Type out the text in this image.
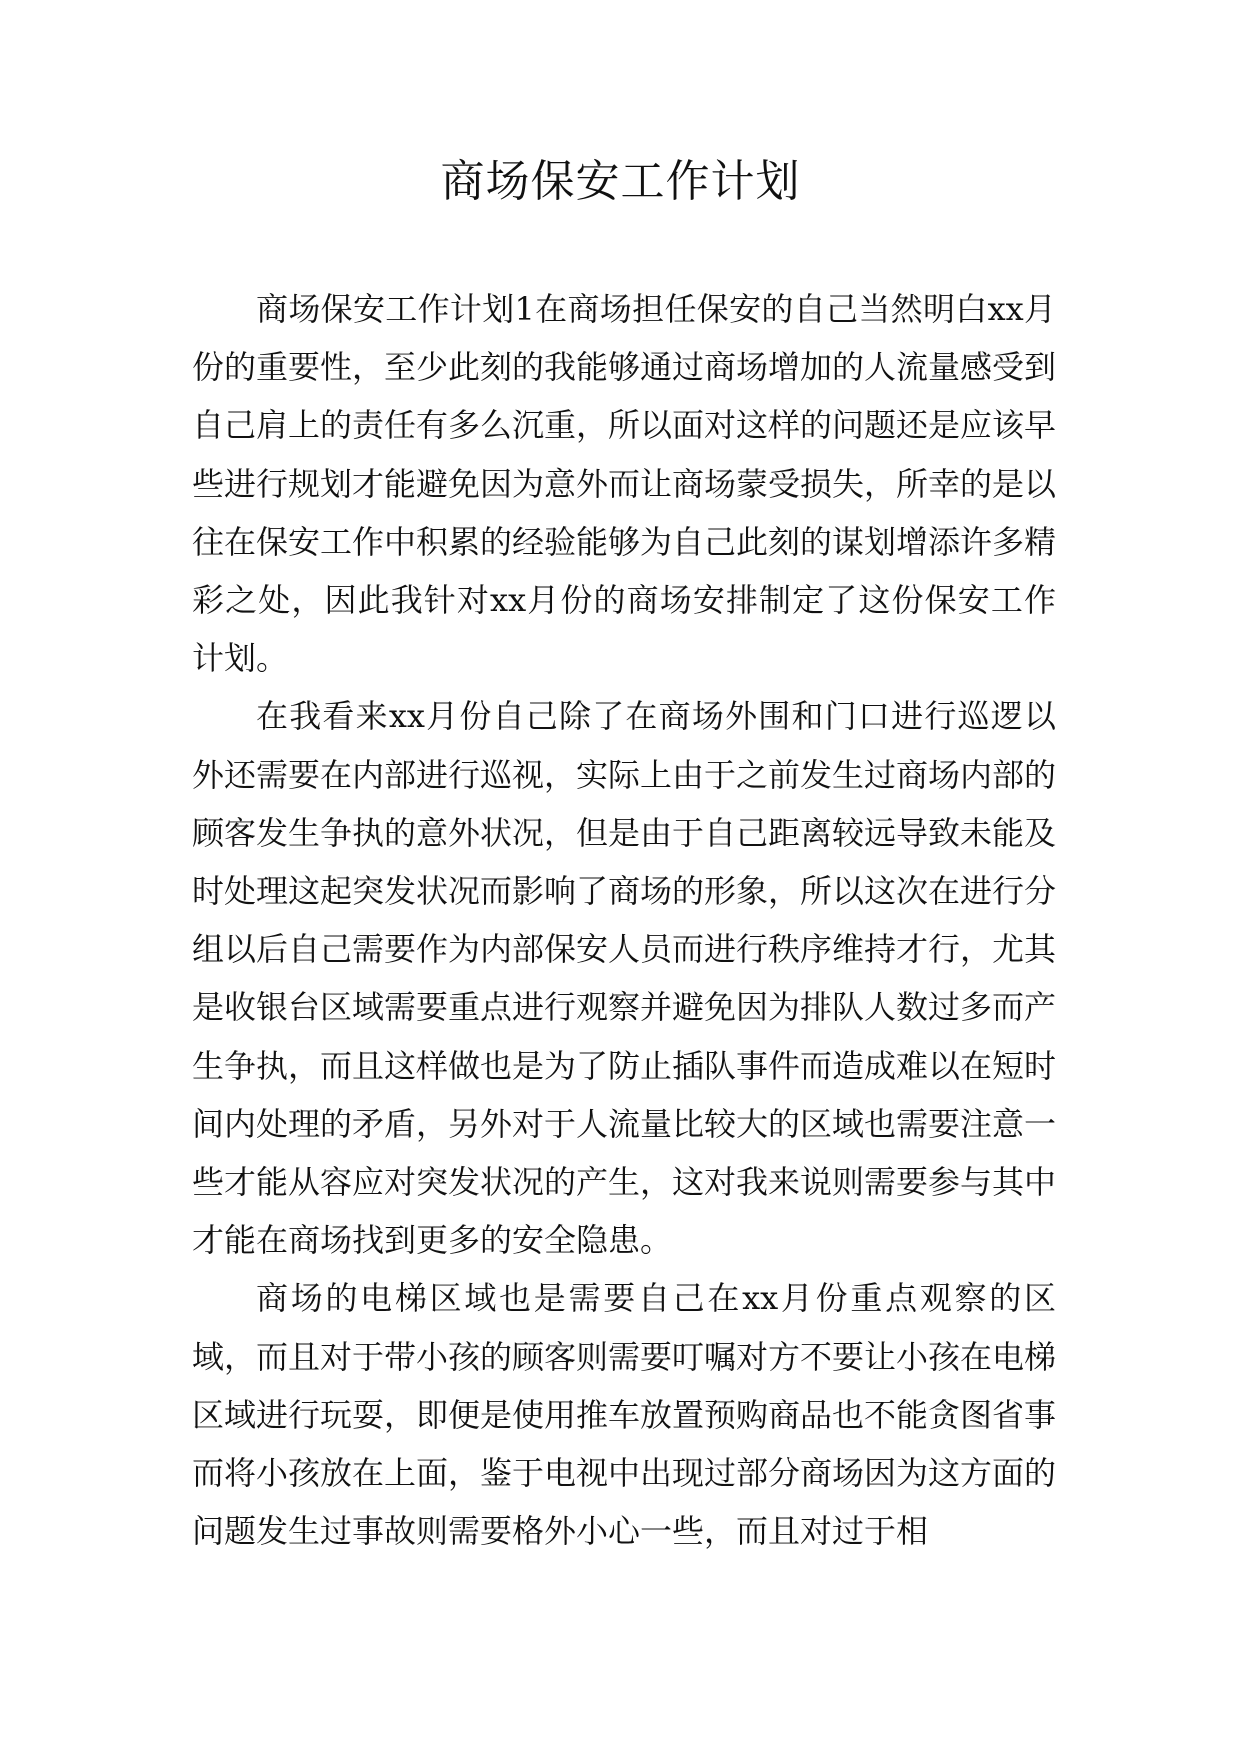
商场保安工作计划

商场保安工作计划1在商场担任保安的自己当然明白xx月份的重要性，至少此刻的我能够通过商场增加的人流量感受到自己肩上的责任有多么沉重，所以面对这样的问题还是应该早些进行规划才能避免因为意外而让商场蒙受损失，所幸的是以往在保安工作中积累的经验能够为自己此刻的谋划增添许多精彩之处，因此我针对xx月份的商场安排制定了这份保安工作计划。

在我看来xx月份自己除了在商场外围和门口进行巡逻以外还需要在内部进行巡视，实际上由于之前发生过商场内部的顾客发生争执的意外状况，但是由于自己距离较远导致未能及时处理这起突发状况而影响了商场的形象，所以这次在进行分组以后自己需要作为内部保安人员而进行秩序维持才行，尤其是收银台区域需要重点进行观察并避免因为排队人数过多而产生争执，而且这样做也是为了防止插队事件而造成难以在短时间内处理的矛盾，另外对于人流量比较大的区域也需要注意一些才能从容应对突发状况的产生，这对我来说则需要参与其中才能在商场找到更多的安全隐患。

商场的电梯区域也是需要自己在xx月份重点观察的区域，而且对于带小孩的顾客则需要叮嘱对方不要让小孩在电梯区域进行玩耍，即便是使用推车放置预购商品也不能贪图省事而将小孩放在上面，鉴于电视中出现过部分商场因为这方面的问题发生过事故则需要格外小心一些，而且对过于相
